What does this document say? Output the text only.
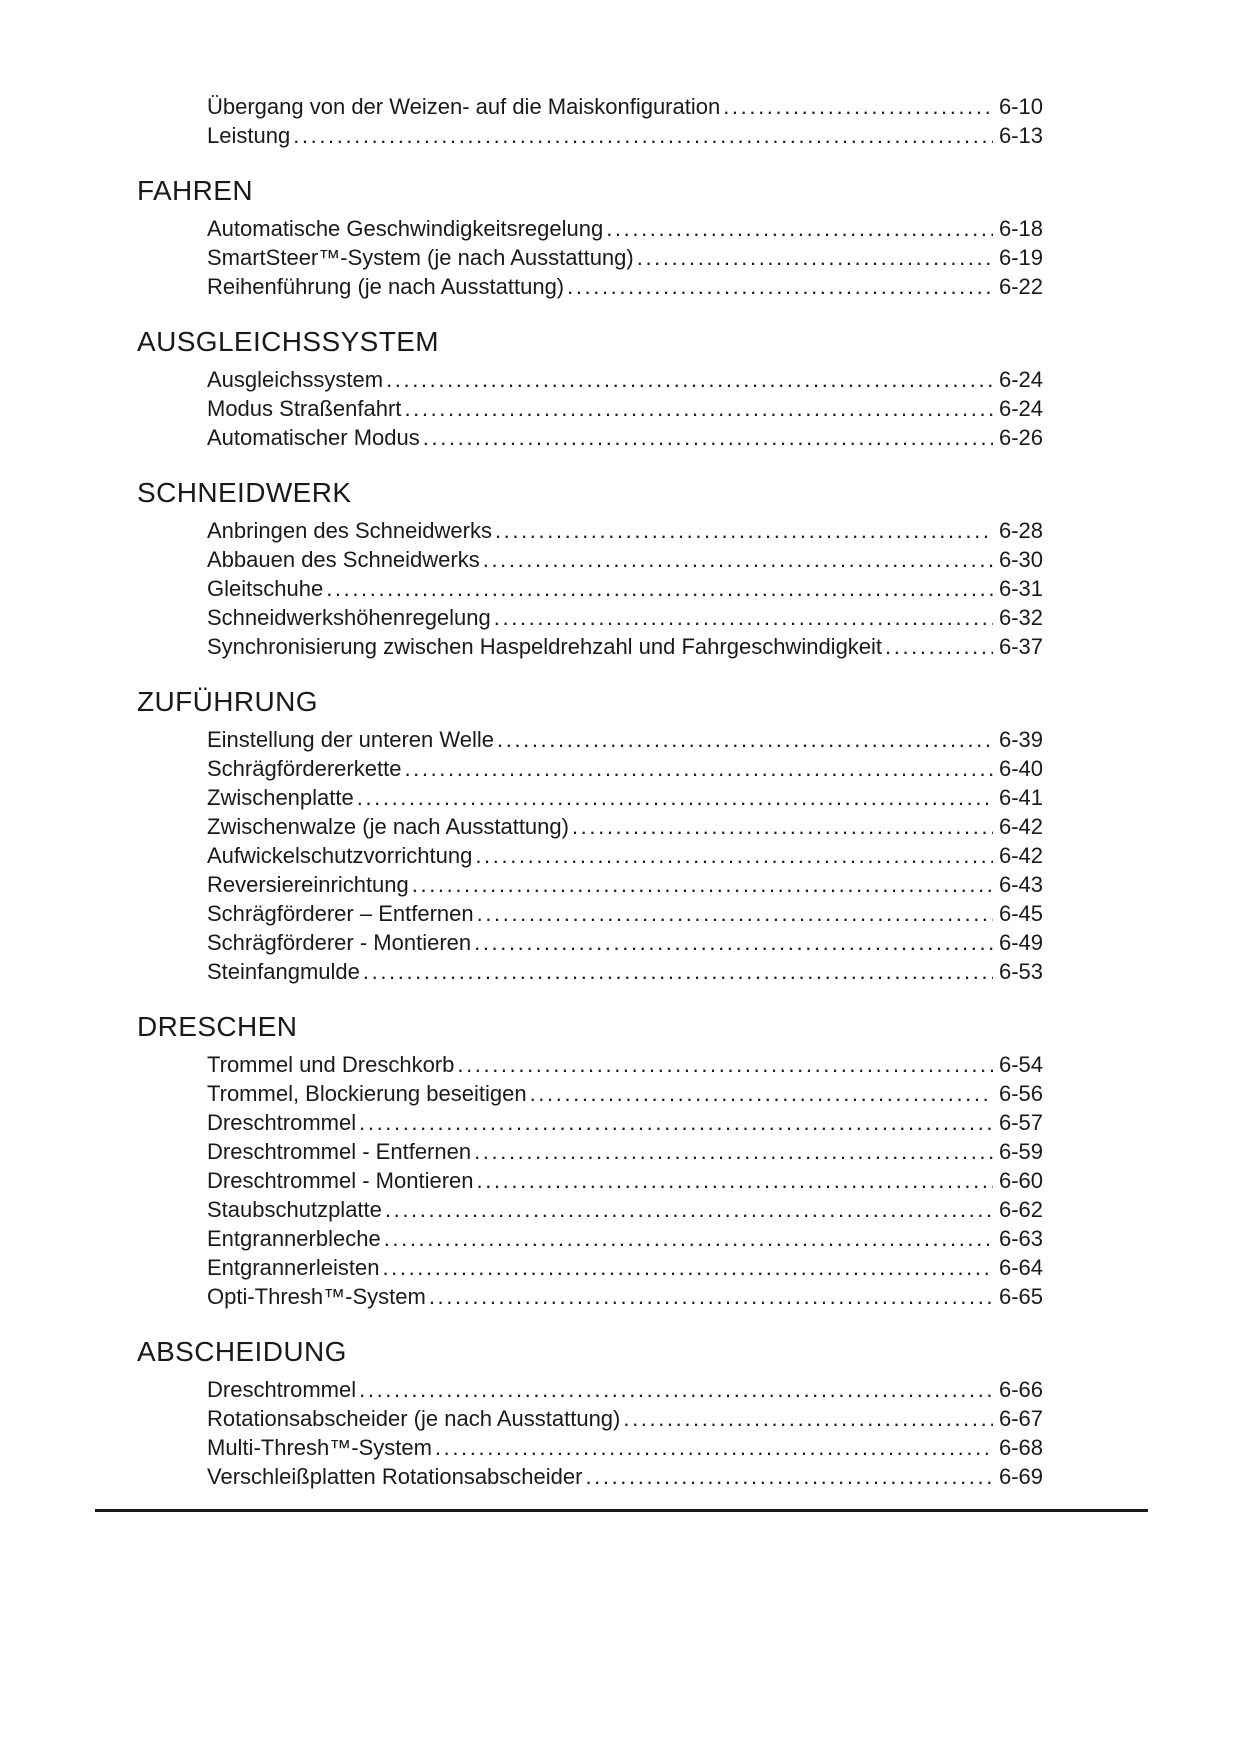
Übergang von der Weizen- auf die Maiskonfiguration .....	6-10
Leistung .....	6-13
FAHREN
Automatische Geschwindigkeitsregelung .....	6-18
SmartSteer™-System (je nach Ausstattung) .....	6-19
Reihenführung (je nach Ausstattung) .....	6-22
AUSGLEICHSSYSTEM
Ausgleichssystem .....	6-24
Modus Straßenfahrt .....	6-24
Automatischer Modus .....	6-26
SCHNEIDWERK
Anbringen des Schneidwerks .....	6-28
Abbauen des Schneidwerks .....	6-30
Gleitschuhe .....	6-31
Schneidwerkshöhenregelung .....	6-32
Synchronisierung zwischen Haspeldrehzahl und Fahrgeschwindigkeit .....	6-37
ZUFÜHRUNG
Einstellung der unteren Welle .....	6-39
Schrägfördererkette .....	6-40
Zwischenplatte .....	6-41
Zwischenwalze (je nach Ausstattung) .....	6-42
Aufwickelschutzvorrichtung .....	6-42
Reversiereinrichtung .....	6-43
Schrägförderer – Entfernen .....	6-45
Schrägförderer - Montieren .....	6-49
Steinfangmulde .....	6-53
DRESCHEN
Trommel und Dreschkorb .....	6-54
Trommel, Blockierung beseitigen .....	6-56
Dreschtrommel .....	6-57
Dreschtrommel - Entfernen .....	6-59
Dreschtrommel - Montieren .....	6-60
Staubschutzplatte .....	6-62
Entgrannerbleche .....	6-63
Entgrannerleisten .....	6-64
Opti-Thresh™-System .....	6-65
ABSCHEIDUNG
Dreschtrommel .....	6-66
Rotationsabscheider (je nach Ausstattung) .....	6-67
Multi-Thresh™-System .....	6-68
Verschleißplatten Rotationsabscheider .....	6-69
